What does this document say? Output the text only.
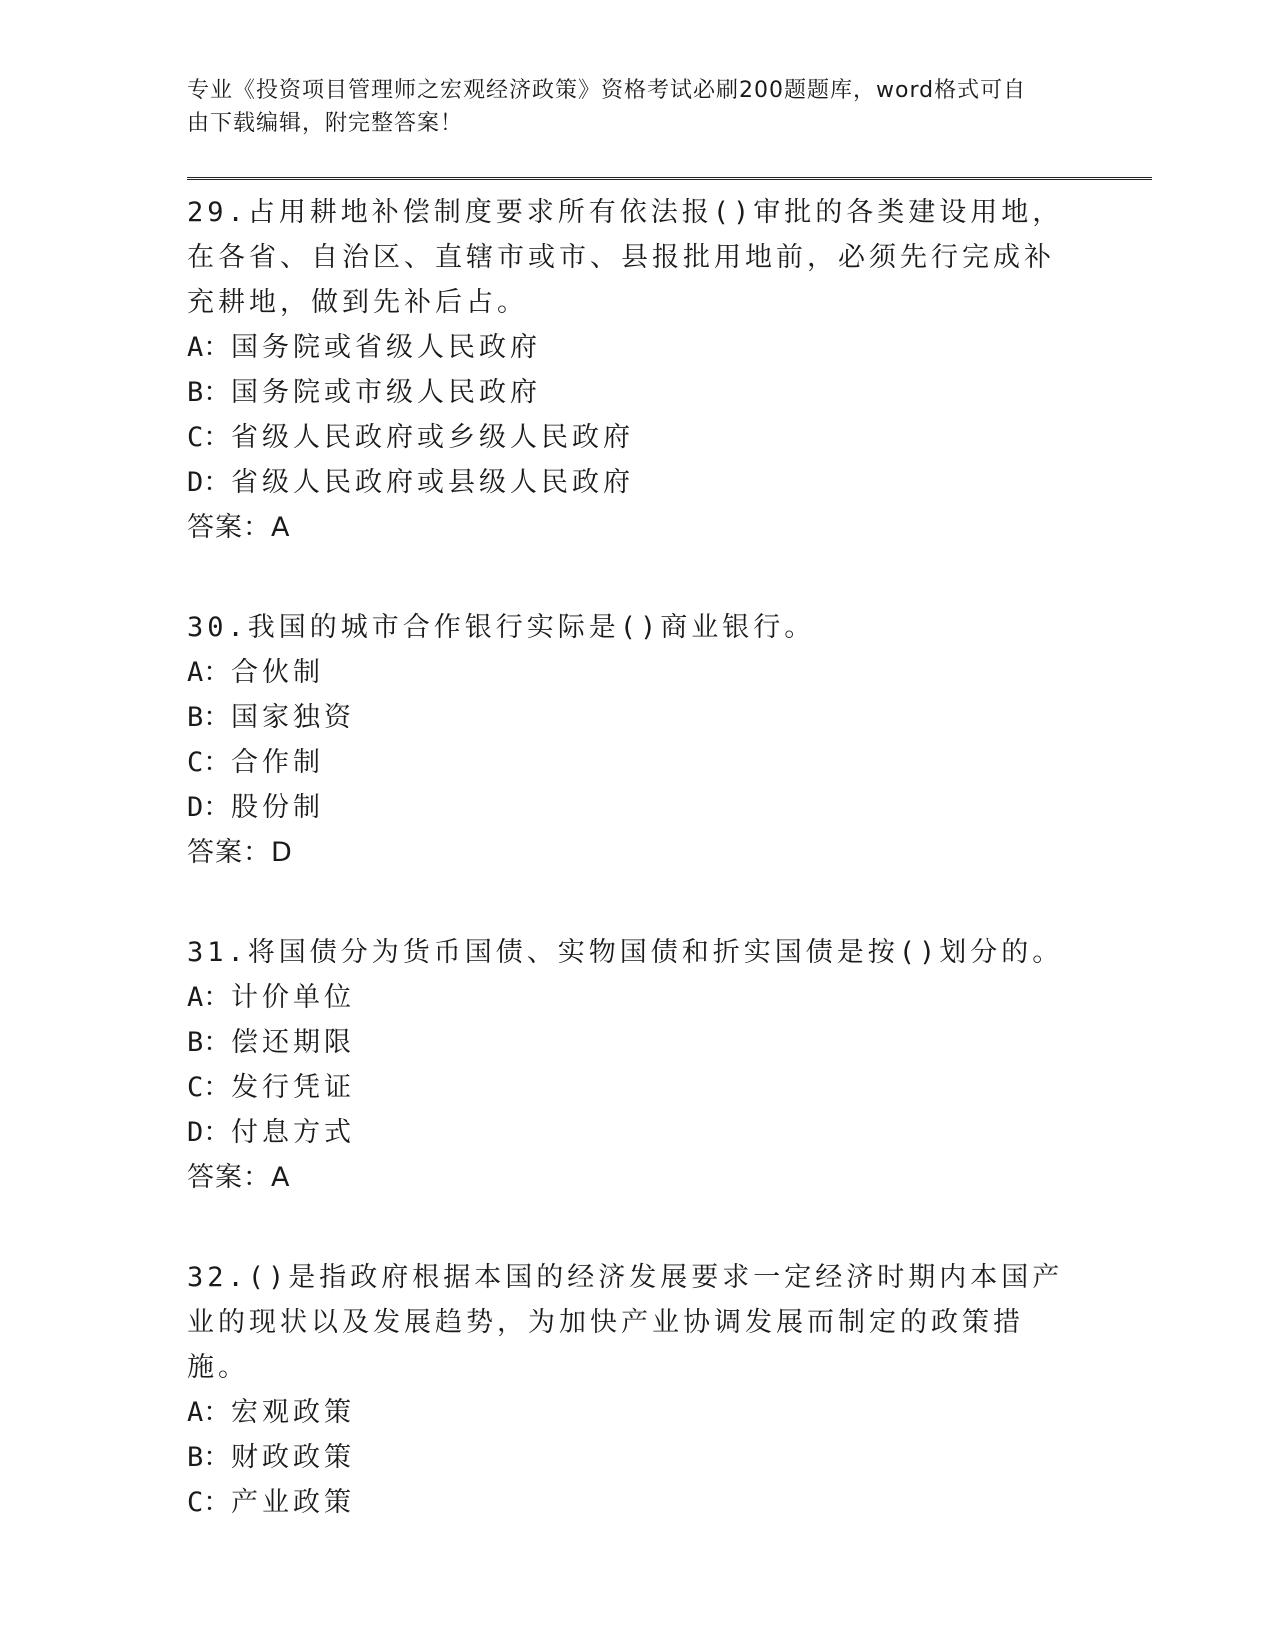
专业《投资项目管理师之宏观经济政策》资格考试必刷200题题库，word格式可自由下载编辑，附完整答案！

29.占用耕地补偿制度要求所有依法报()审批的各类建设用地，在各省、自治区、直辖市或市、县报批用地前，必须先行完成补充耕地，做到先补后占。

A：国务院或省级人民政府

B：国务院或市级人民政府

C：省级人民政府或乡级人民政府

D：省级人民政府或县级人民政府

答案：A

30.我国的城市合作银行实际是()商业银行。

A：合伙制

B：国家独资

C：合作制

D：股份制

答案：D

31.将国债分为货币国债、实物国债和折实国债是按()划分的。

A：计价单位

B：偿还期限

C：发行凭证

D：付息方式

答案：A

32.()是指政府根据本国的经济发展要求一定经济时期内本国产业的现状以及发展趋势，为加快产业协调发展而制定的政策措施。

A：宏观政策

B：财政政策

C：产业政策
